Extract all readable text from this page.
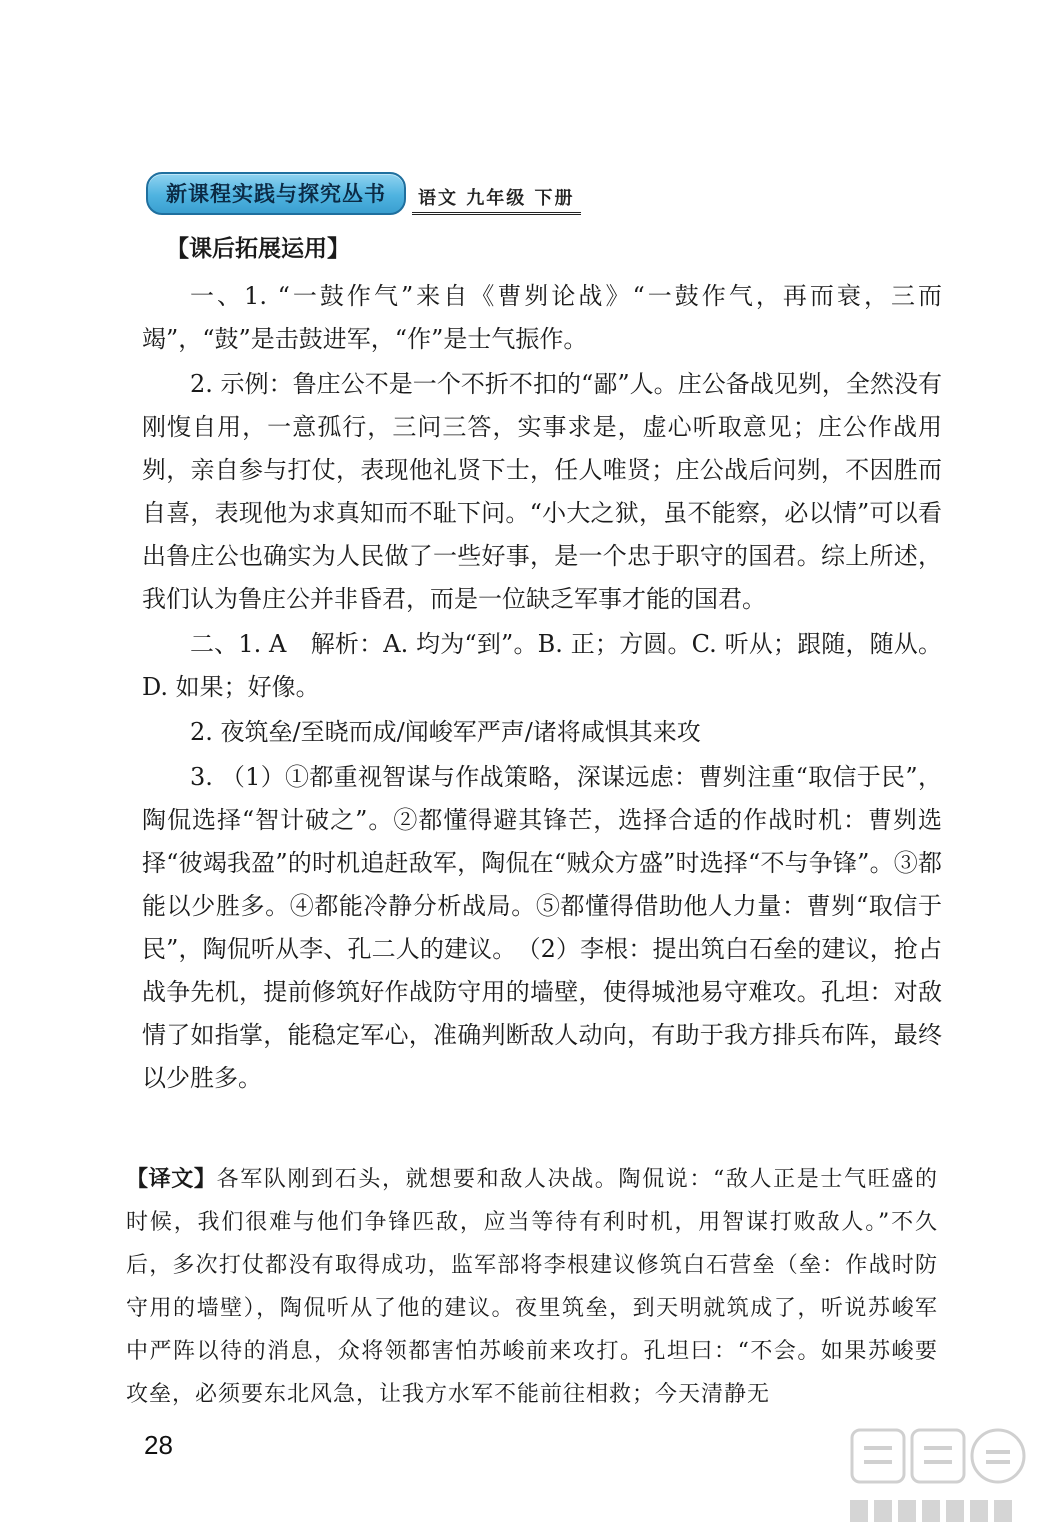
新课程实践与探究丛书	语文 九年级 下册
【课后拓展运用】

一、1. “一鼓作气”来自《曹刿论战》“一鼓作气，再而衰，三而竭”，“鼓”是击鼓进军，“作”是士气振作。

2. 示例：鲁庄公不是一个不折不扣的“鄙”人。庄公备战见刿，全然没有刚愎自用，一意孤行，三问三答，实事求是，虚心听取意见；庄公作战用刿，亲自参与打仗，表现他礼贤下士，任人唯贤；庄公战后问刿，不因胜而自喜，表现他为求真知而不耻下问。“小大之狱，虽不能察，必以情”可以看出鲁庄公也确实为人民做了一些好事，是一个忠于职守的国君。综上所述，我们认为鲁庄公并非昏君，而是一位缺乏军事才能的国君。

二、1. A　解析：A. 均为“到”。B. 正；方圆。C. 听从；跟随，随从。D. 如果；好像。

2. 夜筑垒/至晓而成/闻峻军严声/诸将咸惧其来攻

3. （1）①都重视智谋与作战策略，深谋远虑：曹刿注重“取信于民”，陶侃选择“智计破之”。②都懂得避其锋芒，选择合适的作战时机：曹刿选择“彼竭我盈”的时机追赶敌军，陶侃在“贼众方盛”时选择“不与争锋”。③都能以少胜多。④都能冷静分析战局。⑤都懂得借助他人力量：曹刿“取信于民”，陶侃听从李、孔二人的建议。　（2）李根：提出筑白石垒的建议，抢占战争先机，提前修筑好作战防守用的墙壁，使得城池易守难攻。孔坦：对敌情了如指掌，能稳定军心，准确判断敌人动向，有助于我方排兵布阵，最终以少胜多。

【译文】各军队刚到石头，就想要和敌人决战。陶侃说：“敌人正是士气旺盛的时候，我们很难与他们争锋匹敌，应当等待有利时机，用智谋打败敌人。”不久后，多次打仗都没有取得成功，监军部将李根建议修筑白石营垒（垒：作战时防守用的墙壁），陶侃听从了他的建议。夜里筑垒，到天明就筑成了，听说苏峻军中严阵以待的消息，众将领都害怕苏峻前来攻打。孔坦曰：“不会。如果苏峻要攻垒，必须要东北风急，让我方水军不能前往相救；今天清静无
28
